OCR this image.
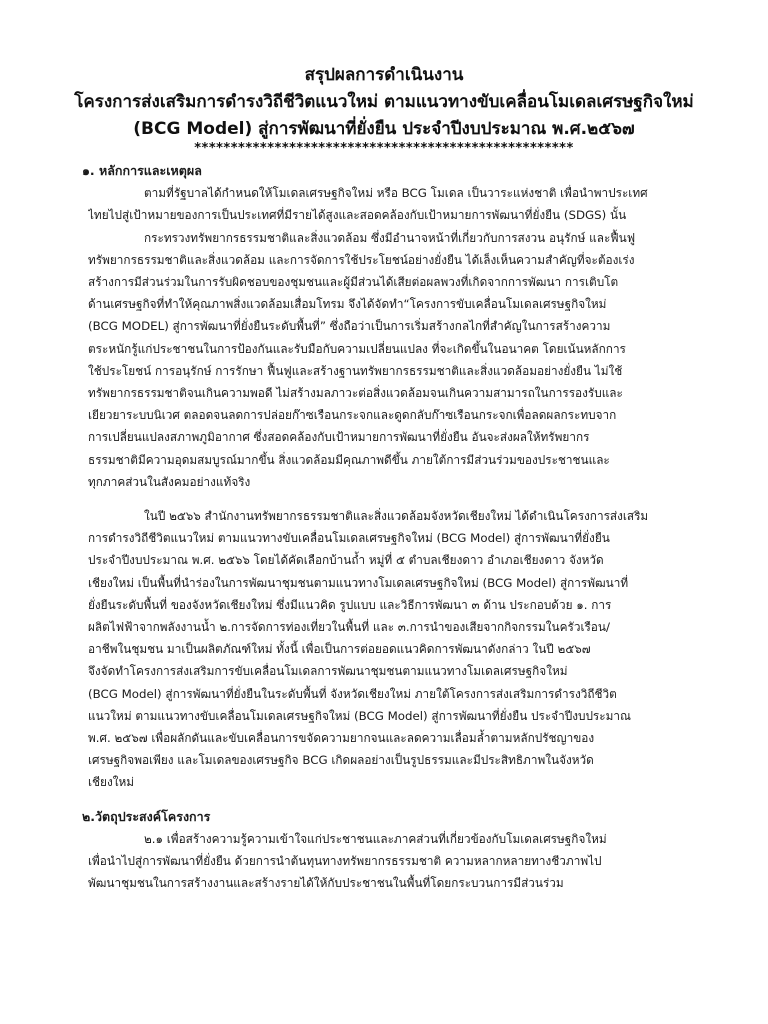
สรุปผลการดำเนินงาน
โครงการส่งเสริมการดำรงวิถีชีวิตแนวใหม่ ตามแนวทางขับเคลื่อนโมเดลเศรษฐกิจใหม่
(BCG Model) สู่การพัฒนาที่ยั่งยืน ประจำปีงบประมาณ พ.ศ.๒๕๖๗
****************************************************
๑. หลักการและเหตุผล
ตามที่รัฐบาลได้กำหนดให้โมเดลเศรษฐกิจใหม่ หรือ BCG โมเดล เป็นวาระแห่งชาติ เพื่อนำพาประเทศ
ไทยไปสู่เป้าหมายของการเป็นประเทศที่มีรายได้สูงและสอดคล้องกับเป้าหมายการพัฒนาที่ยั่งยืน (SDGS) นั้น
กระทรวงทรัพยากรธรรมชาติและสิ่งแวดล้อม ซึ่งมีอำนาจหน้าที่เกี่ยวกับการสงวน อนุรักษ์ และฟื้นฟู
ทรัพยากรธรรมชาติและสิ่งแวดล้อม และการจัดการใช้ประโยชน์อย่างยั่งยืน ได้เล็งเห็นความสำคัญที่จะต้องเร่ง
สร้างการมีส่วนร่วมในการรับผิดชอบของชุมชนและผู้มีส่วนได้เสียต่อผลพวงที่เกิดจากการพัฒนา การเติบโต
ด้านเศรษฐกิจที่ทำให้คุณภาพสิ่งแวดล้อมเสื่อมโทรม จึงได้จัดทำ“โครงการขับเคลื่อนโมเดลเศรษฐกิจใหม่
(BCG MODEL) สู่การพัฒนาที่ยั่งยืนระดับพื้นที่” ซึ่งถือว่าเป็นการเริ่มสร้างกลไกที่สำคัญในการสร้างความ
ตระหนักรู้แก่ประชาชนในการป้องกันและรับมือกับความเปลี่ยนแปลง ที่จะเกิดขึ้นในอนาคต โดยเน้นหลักการ
ใช้ประโยชน์ การอนุรักษ์ การรักษา ฟื้นฟูและสร้างฐานทรัพยากรธรรมชาติและสิ่งแวดล้อมอย่างยั่งยืน ไม่ใช้
ทรัพยากรธรรมชาติจนเกินความพอดี ไม่สร้างมลภาวะต่อสิ่งแวดล้อมจนเกินความสามารถในการรองรับและ
เยียวยาระบบนิเวศ ตลอดจนลดการปล่อยก๊าซเรือนกระจกและดูดกลับก๊าซเรือนกระจกเพื่อลดผลกระทบจาก
การเปลี่ยนแปลงสภาพภูมิอากาศ ซึ่งสอดคล้องกับเป้าหมายการพัฒนาที่ยั่งยืน อันจะส่งผลให้ทรัพยากร
ธรรมชาติมีความอุดมสมบูรณ์มากขึ้น สิ่งแวดล้อมมีคุณภาพดีขึ้น ภายใต้การมีส่วนร่วมของประชาชนและ
ทุกภาคส่วนในสังคมอย่างแท้จริง
ในปี ๒๕๖๖ สำนักงานทรัพยากรธรรมชาติและสิ่งแวดล้อมจังหวัดเชียงใหม่ ได้ดำเนินโครงการส่งเสริม
การดำรงวิถีชีวิตแนวใหม่ ตามแนวทางขับเคลื่อนโมเดลเศรษฐกิจใหม่ (BCG Model) สู่การพัฒนาที่ยั่งยืน
ประจำปีงบประมาณ พ.ศ. ๒๕๖๖ โดยได้คัดเลือกบ้านถ้ำ หมู่ที่ ๕ ตำบลเชียงดาว อำเภอเชียงดาว จังหวัด
เชียงใหม่ เป็นพื้นที่นำร่องในการพัฒนาชุมชนตามแนวทางโมเดลเศรษฐกิจใหม่ (BCG Model) สู่การพัฒนาที่
ยั่งยืนระดับพื้นที่ ของจังหวัดเชียงใหม่ ซึ่งมีแนวคิด รูปแบบ และวิธีการพัฒนา ๓ ด้าน ประกอบด้วย ๑. การ
ผลิตไฟฟ้าจากพลังงานน้ำ ๒.การจัดการท่องเที่ยวในพื้นที่ และ ๓.การนำของเสียจากกิจกรรมในครัวเรือน/
อาชีพในชุมชน มาเป็นผลิตภัณฑ์ใหม่ ทั้งนี้ เพื่อเป็นการต่อยอดแนวคิดการพัฒนาดังกล่าว ในปี ๒๕๖๗
จึงจัดทำโครงการส่งเสริมการขับเคลื่อนโมเดลการพัฒนาชุมชนตามแนวทางโมเดลเศรษฐกิจใหม่
(BCG Model) สู่การพัฒนาที่ยั่งยืนในระดับพื้นที่ จังหวัดเชียงใหม่ ภายใต้โครงการส่งเสริมการดำรงวิถีชีวิต
แนวใหม่ ตามแนวทางขับเคลื่อนโมเดลเศรษฐกิจใหม่ (BCG Model) สู่การพัฒนาที่ยั่งยืน ประจำปีงบประมาณ
พ.ศ. ๒๕๖๗ เพื่อผลักดันและขับเคลื่อนการขจัดความยากจนและลดความเลื่อมล้ำตามหลักปรัชญาของ
เศรษฐกิจพอเพียง และโมเดลของเศรษฐกิจ BCG เกิดผลอย่างเป็นรูปธรรมและมีประสิทธิภาพในจังหวัด
เชียงใหม่
๒.วัตถุประสงค์โครงการ
๒.๑ เพื่อสร้างความรู้ความเข้าใจแก่ประชาชนและภาคส่วนที่เกี่ยวข้องกับโมเดลเศรษฐกิจใหม่
เพื่อนำไปสู่การพัฒนาที่ยั่งยืน ด้วยการนำต้นทุนทางทรัพยากรธรรมชาติ ความหลากหลายทางชีวภาพไป
พัฒนาชุมชนในการสร้างงานและสร้างรายได้ให้กับประชาชนในพื้นที่โดยกระบวนการมีส่วนร่วม
